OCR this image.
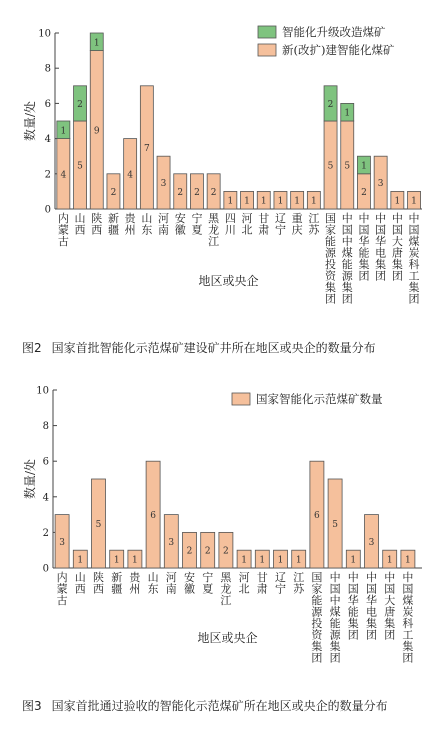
0
2
4
6
8
10
数量/处
4
1
内蒙古
5
2
山西
9
1
陕西
2
新疆
4
贵州
7
山东
3
河南
2
安徽
2
宁夏
2
黑龙江
1
四川
1
河北
1
甘肃
1
辽宁
1
重庆
1
江苏
5
2
国家能源投资集团
5
1
中国中煤能源集团
2
1
中国华能集团
3
中国华电集团
1
中国大唐集团
1
中国煤炭科工集团
地区或央企
智能化升级改造煤矿
新(改扩)建智能化煤矿
图2 国家首批智能化示范煤矿建设矿井所在地区或央企的数量分布
0
2
4
6
8
10
数量/处
3
内蒙古
1
山西
5
陕西
1
新疆
1
贵州
6
山东
3
河南
2
安徽
2
宁夏
2
黑龙江
1
河北
1
甘肃
1
辽宁
1
江苏
6
国家能源投资集团
5
中国中煤能源集团
1
中国华能集团
3
中国华电集团
1
中国大唐集团
1
中国煤炭科工集团
地区或央企
国家智能化示范煤矿数量
图3 国家首批通过验收的智能化示范煤矿所在地区或央企的数量分布
